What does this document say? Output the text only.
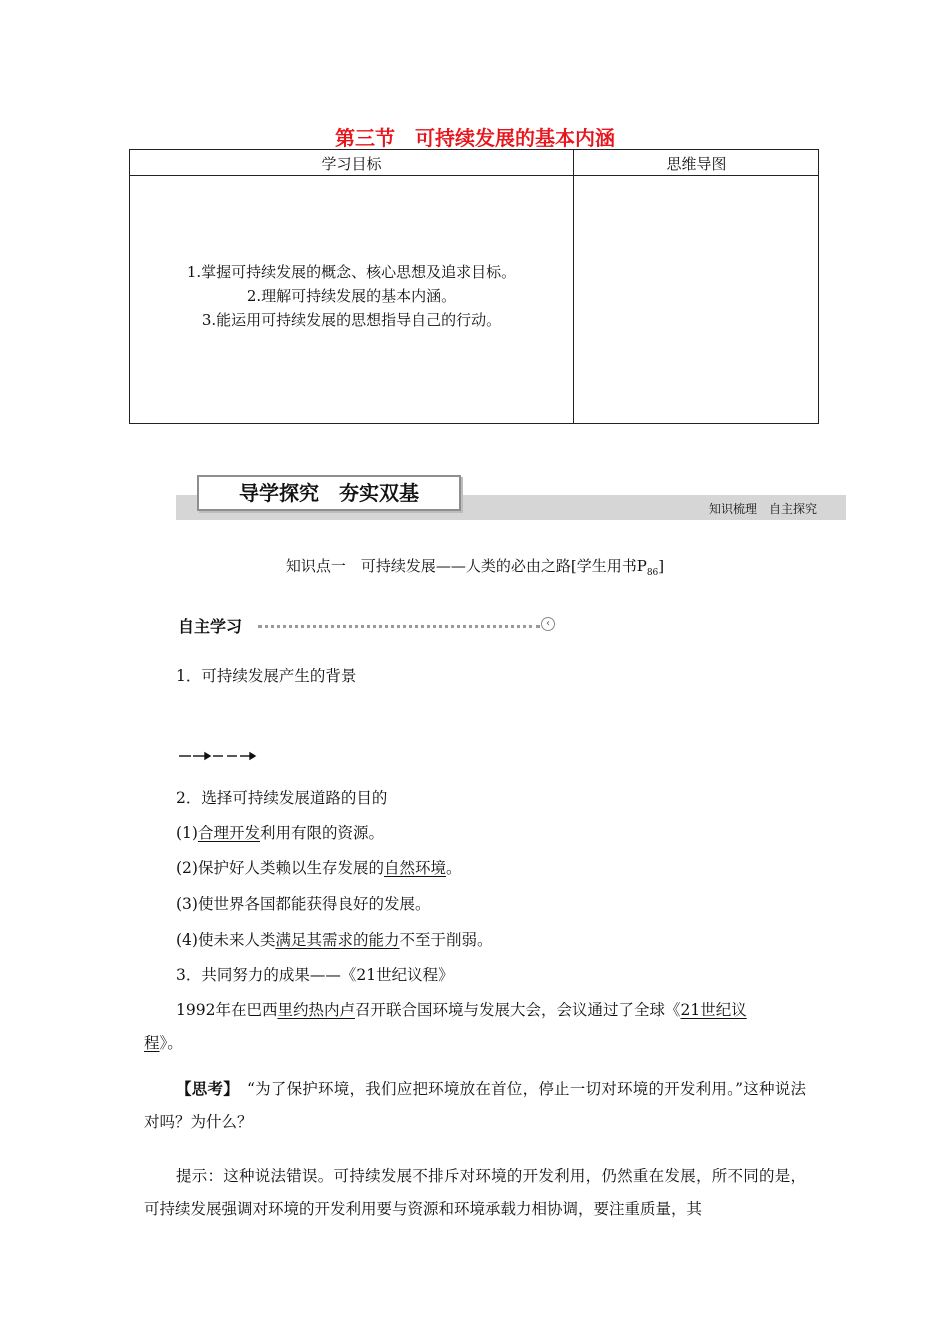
第三节　可持续发展的基本内涵
学习目标	思维导图
1.掌握可持续发展的概念、核心思想及追求目标。
2.理解可持续发展的基本内涵。
3.能运用可持续发展的思想指导自己的行动。
导学探究　夯实双基
知识梳理　自主探究
知识点一　可持续发展——人类的必由之路[学生用书$P_{86}$]
自主学习	‹
1．可持续发展产生的背景
2．选择可持续发展道路的目的
(1)合理开发利用有限的资源。
(2)保护好人类赖以生存发展的自然环境。
(3)使世界各国都能获得良好的发展。
(4)使未来人类满足其需求的能力不至于削弱。
3．共同努力的成果——《21世纪议程》
1992年在巴西里约热内卢召开联合国环境与发展大会，会议通过了全球《21世纪议
程》。
【思考】　“为了保护环境，我们应把环境放在首位，停止一切对环境的开发利用。”这种说法对吗？为什么？
提示：这种说法错误。可持续发展不排斥对环境的开发利用，仍然重在发展，所不同的是，可持续发展强调对环境的开发利用要与资源和环境承载力相协调，要注重质量，其
